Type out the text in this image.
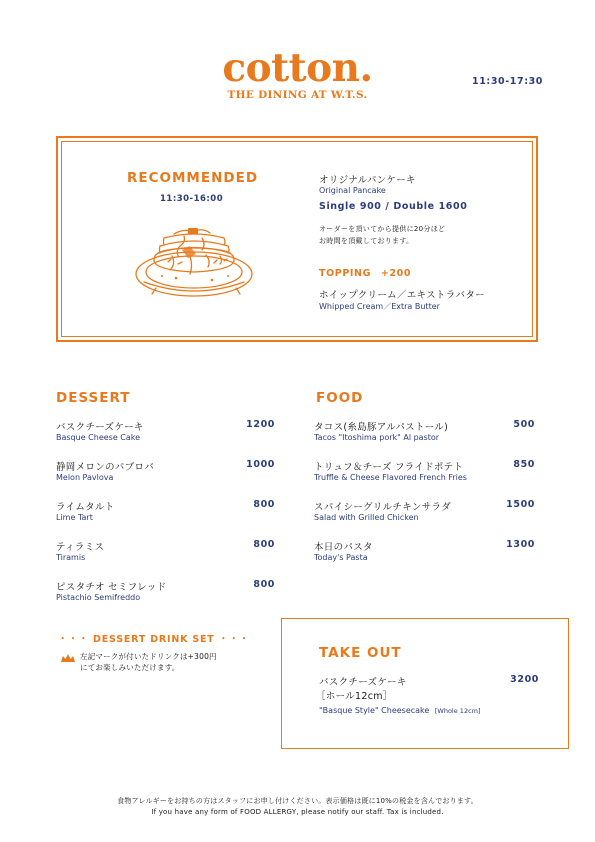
cotton.
THE DINING AT W.T.S.
11:30-17:30
RECOMMENDED
11:30-16:00
オリジナルパンケーキ
Original Pancake
Single 900 / Double 1600
オーダーを頂いてから提供に20分ほど
お時間を頂戴しております。
TOPPING +200
ホイップクリーム／エキストラバター
Whipped Cream／Extra Butter
DESSERT
バスクチーズケーキ
Basque Cheese Cake
1200
静岡メロンのパブロバ
Melon Pavlova
1000
ライムタルト
Lime Tart
800
ティラミス
Tiramis
800
ピスタチオ セミフレッド
Pistachio Semifreddo
800
FOOD
タコス(糸島豚アルパストール)
Tacos "Itoshima pork" Al pastor
500
トリュフ＆チーズ フライドポテト
Truffle & Cheese Flavored French Fries
850
スパイシーグリルチキンサラダ
Salad with Grilled Chicken
1500
本日のパスタ
Today's Pasta
1300
・・・ DESSERT DRINK SET ・・・
左記マークが付いたドリンクは+300円
にてお楽しみいただけます。
TAKE OUT
バスクチーズケーキ	3200
［ホール12cm］
"Basque Style" Cheesecake [Whole 12cm]
食物アレルギーをお持ちの方はスタッフにお申し付けください。表示価格は既に10%の税金を含んでおります。
If you have any form of FOOD ALLERGY, please notify our staff. Tax is included.
